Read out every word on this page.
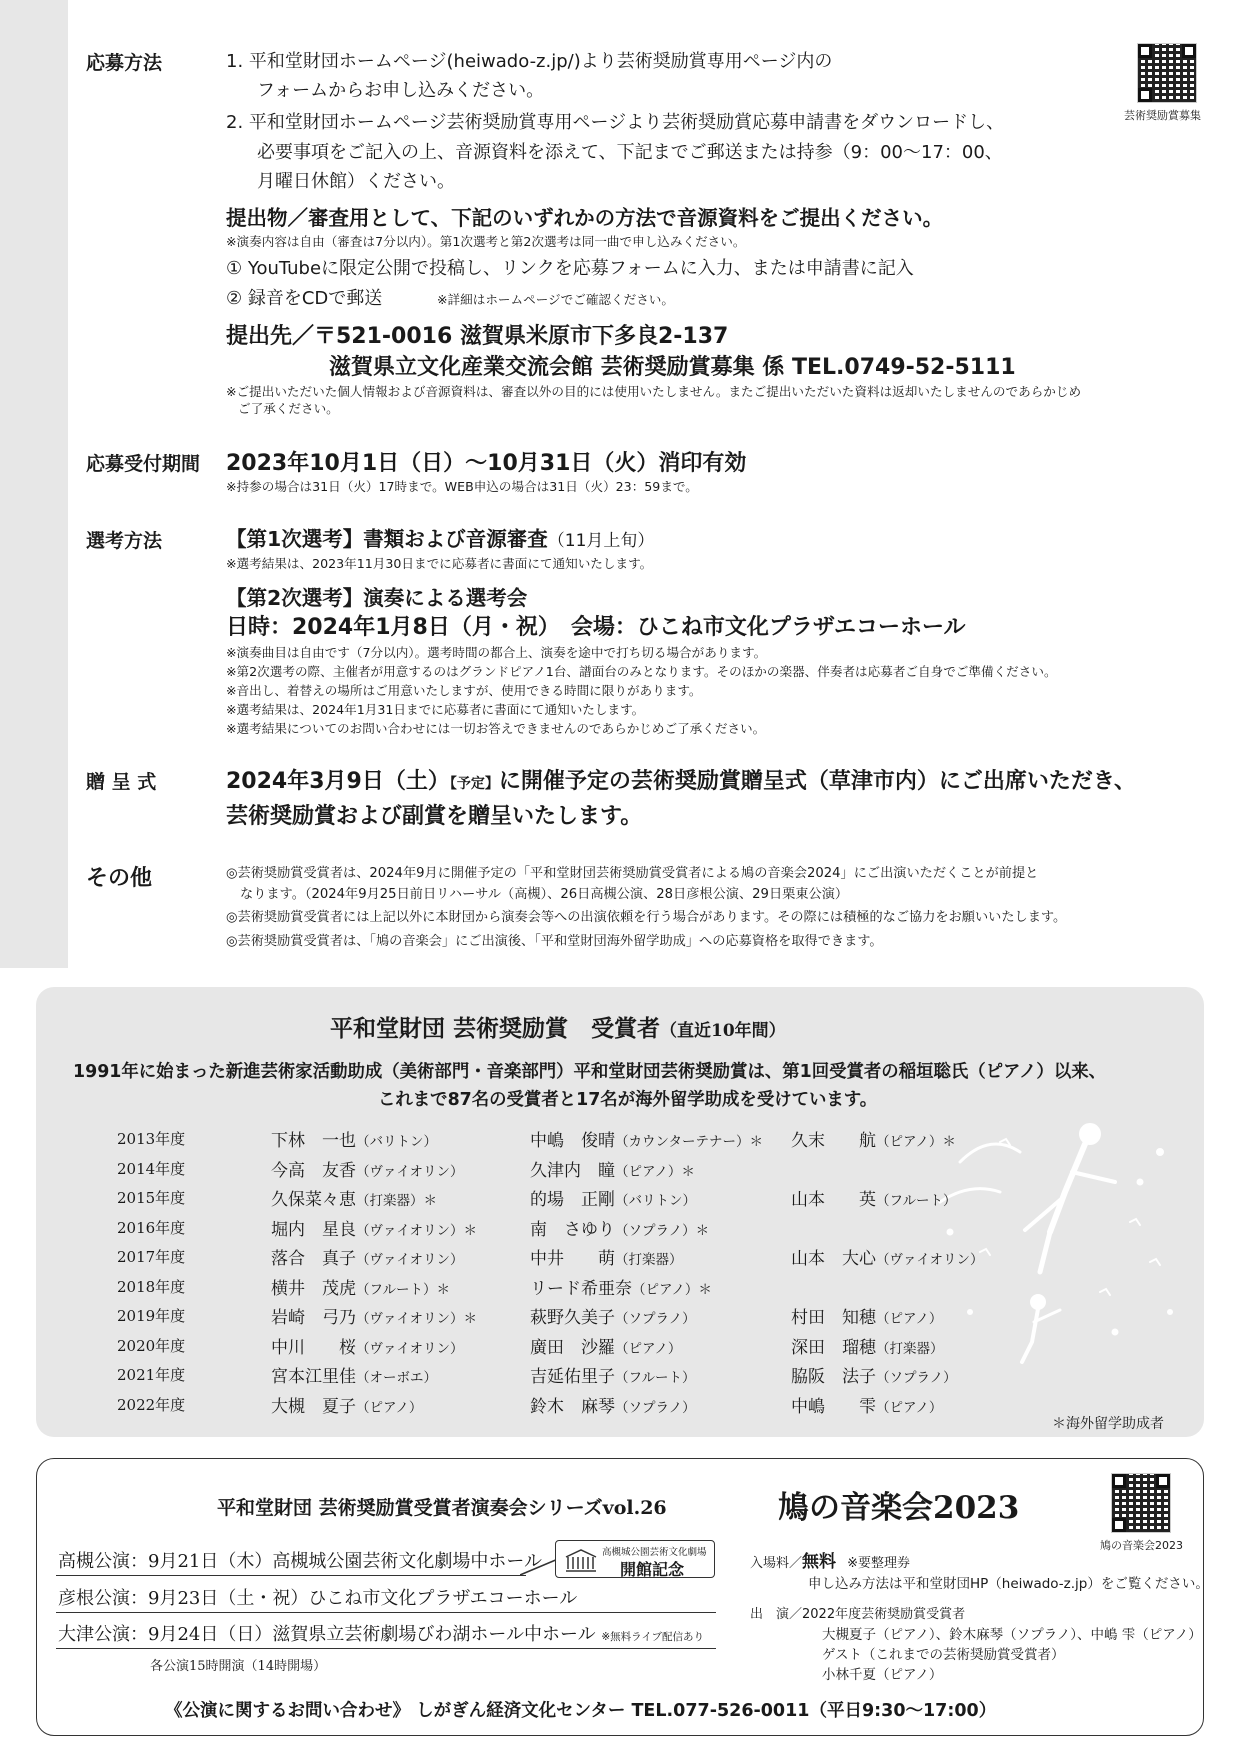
芸術奨励賞募集
応募方法	1. 平和堂財団ホームページ(heiwado-z.jp/)より芸術奨励賞専用ページ内の
フォームからお申し込みください。
2. 平和堂財団ホームページ芸術奨励賞専用ページより芸術奨励賞応募申請書をダウンロードし、
必要事項をご記入の上、音源資料を添えて、下記までご郵送または持参（9：00～17：00、
月曜日休館）ください。
提出物／審査用として、下記のいずれかの方法で音源資料をご提出ください。
※演奏内容は自由（審査は7分以内）。第1次選考と第2次選考は同一曲で申し込みください。
① YouTubeに限定公開で投稿し、リンクを応募フォームに入力、または申請書に記入
② 録音をCDで郵送	※詳細はホームページでご確認ください。
提出先／〒521-0016 滋賀県米原市下多良2-137
滋賀県立文化産業交流会館 芸術奨励賞募集 係 TEL.0749-52-5111
※ご提出いただいた個人情報および音源資料は、審査以外の目的には使用いたしません。またご提出いただいた資料は返却いたしませんのであらかじめ
ご了承ください。
応募受付期間 2023年10月1日（日）～10月31日（火）消印有効
※持参の場合は31日（火）17時まで。WEB申込の場合は31日（火）23：59まで。
選考方法	【第1次選考】書類および音源審査（11月上旬）
※選考結果は、2023年11月30日までに応募者に書面にて通知いたします。
【第2次選考】演奏による選考会
日時：2024年1月8日（月・祝）　会場：ひこね市文化プラザエコーホール
※演奏曲目は自由です（7分以内）。選考時間の都合上、演奏を途中で打ち切る場合があります。
※第2次選考の際、主催者が用意するのはグランドピアノ1台、譜面台のみとなります。そのほかの楽器、伴奏者は応募者ご自身でご準備ください。
※音出し、着替えの場所はご用意いたしますが、使用できる時間に限りがあります。
※選考結果は、2024年1月31日までに応募者に書面にて通知いたします。
※選考結果についてのお問い合わせには一切お答えできませんのであらかじめご了承ください。
贈 呈 式	2024年3月9日（土）【予定】に開催予定の芸術奨励賞贈呈式（草津市内）にご出席いただき、
芸術奨励賞および副賞を贈呈いたします。
その他	◎芸術奨励賞受賞者は、2024年9月に開催予定の「平和堂財団芸術奨励賞受賞者による鳩の音楽会2024」にご出演いただくことが前提と
なります。（2024年9月25日前日リハーサル（高槻）、26日高槻公演、28日彦根公演、29日栗東公演）
◎芸術奨励賞受賞者には上記以外に本財団から演奏会等への出演依頼を行う場合があります。その際には積極的なご協力をお願いいたします。
◎芸術奨励賞受賞者は、「鳩の音楽会」にご出演後、「平和堂財団海外留学助成」への応募資格を取得できます。
平和堂財団 芸術奨励賞　受賞者（直近10年間）
1991年に始まった新進芸術家活動助成（美術部門・音楽部門）平和堂財団芸術奨励賞は、第1回受賞者の稲垣聡氏（ピアノ）以来、
これまで87名の受賞者と17名が海外留学助成を受けています。
2013年度	下林　一也（バリトン）	中嶋　俊晴（カウンターテナー）＊ 久末　　航（ピアノ）＊
2014年度	今高　友香（ヴァイオリン）	久津内　瞳（ピアノ）＊
2015年度	久保菜々恵（打楽器）＊	的場　正剛（バリトン）	山本　　英（フルート）
2016年度	堀内　星良（ヴァイオリン）＊	南　さゆり（ソプラノ）＊
2017年度	落合　真子（ヴァイオリン）	中井　　萌（打楽器）	山本　大心（ヴァイオリン）
2018年度	横井　茂虎（フルート）＊	リード希亜奈（ピアノ）＊
2019年度	岩崎　弓乃（ヴァイオリン）＊	萩野久美子（ソプラノ）	村田　知穂（ピアノ）
2020年度	中川　　桜（ヴァイオリン）	廣田　沙羅（ピアノ）	深田　瑠穂（打楽器）
2021年度	宮本江里佳（オーボエ）	吉延佑里子（フルート）	脇阪　法子（ソプラノ）
2022年度	大槻　夏子（ピアノ）	鈴木　麻琴（ソプラノ）	中嶋　　雫（ピアノ）
＊海外留学助成者
平和堂財団 芸術奨励賞受賞者演奏会シリーズvol.26	鳩の音楽会2023
鳩の音楽会2023
高槻公演：9月21日（木）高槻城公園芸術文化劇場中ホール	高槻城公園芸術文化劇場
開館記念
彦根公演：9月23日（土・祝）ひこね市文化プラザエコーホール
大津公演：9月24日（日）滋賀県立芸術劇場びわ湖ホール中ホール ※無料ライブ配信あり
各公演15時開演（14時開場）
入場料／無料 ※要整理券
申し込み方法は平和堂財団HP（heiwado-z.jp）をご覧ください。
出　演／2022年度芸術奨励賞受賞者
大槻夏子（ピアノ）、鈴木麻琴（ソプラノ）、中嶋 雫（ピアノ）
ゲスト（これまでの芸術奨励賞受賞者）
小林千夏（ピアノ）
《公演に関するお問い合わせ》 しがぎん経済文化センター TEL.077-526-0011（平日9:30～17:00）
